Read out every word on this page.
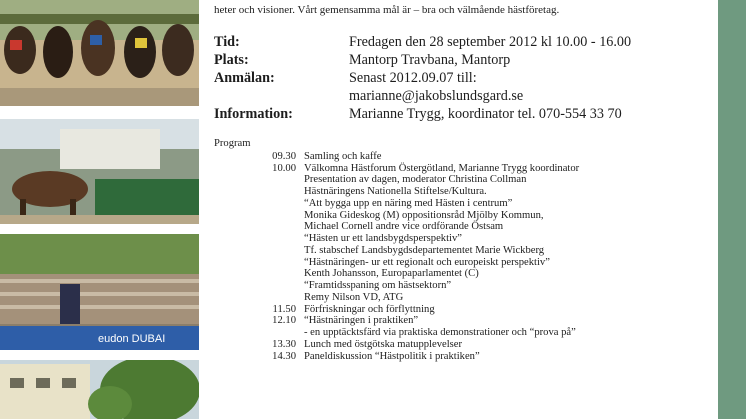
eudon DUBAI
heter och visioner. Vårt gemensamma mål är – bra och välmående hästföretag.
Tid:	Fredagen den 28 september 2012 kl 10.00 - 16.00
Plats:	Mantorp Travbana, Mantorp
Anmälan:	Senast 2012.09.07 till:
marianne@jakobslundsgard.se
Information:	Marianne Trygg, koordinator tel. 070-554 33 70
Program
09.30 Samling och kaffe
10.00 Välkomna Hästforum Östergötland, Marianne Trygg koordinator
Presentation av dagen, moderator Christina Collman
Hästnäringens Nationella Stiftelse/Kultura.
“Att bygga upp en näring med Hästen i centrum”
Monika Gideskog (M) oppositionsråd Mjölby Kommun,
Michael Cornell andre vice ordförande Östsam
“Hästen ur ett landsbygdsperspektiv”
Tf. stabschef Landsbygdsdepartementet Marie Wickberg
“Hästnäringen- ur ett regionalt och europeiskt perspektiv”
Kenth Johansson, Europaparlamentet (C)
“Framtidsspaning om hästsektorn”
Remy Nilson VD, ATG
11.50 Förfriskningar och förflyttning
12.10 “Hästnäringen i praktiken”
- en upptäcktsfärd via praktiska demonstrationer och “prova på”
13.30 Lunch med östgötska matupplevelser
14.30 Paneldiskussion “Hästpolitik i praktiken”
